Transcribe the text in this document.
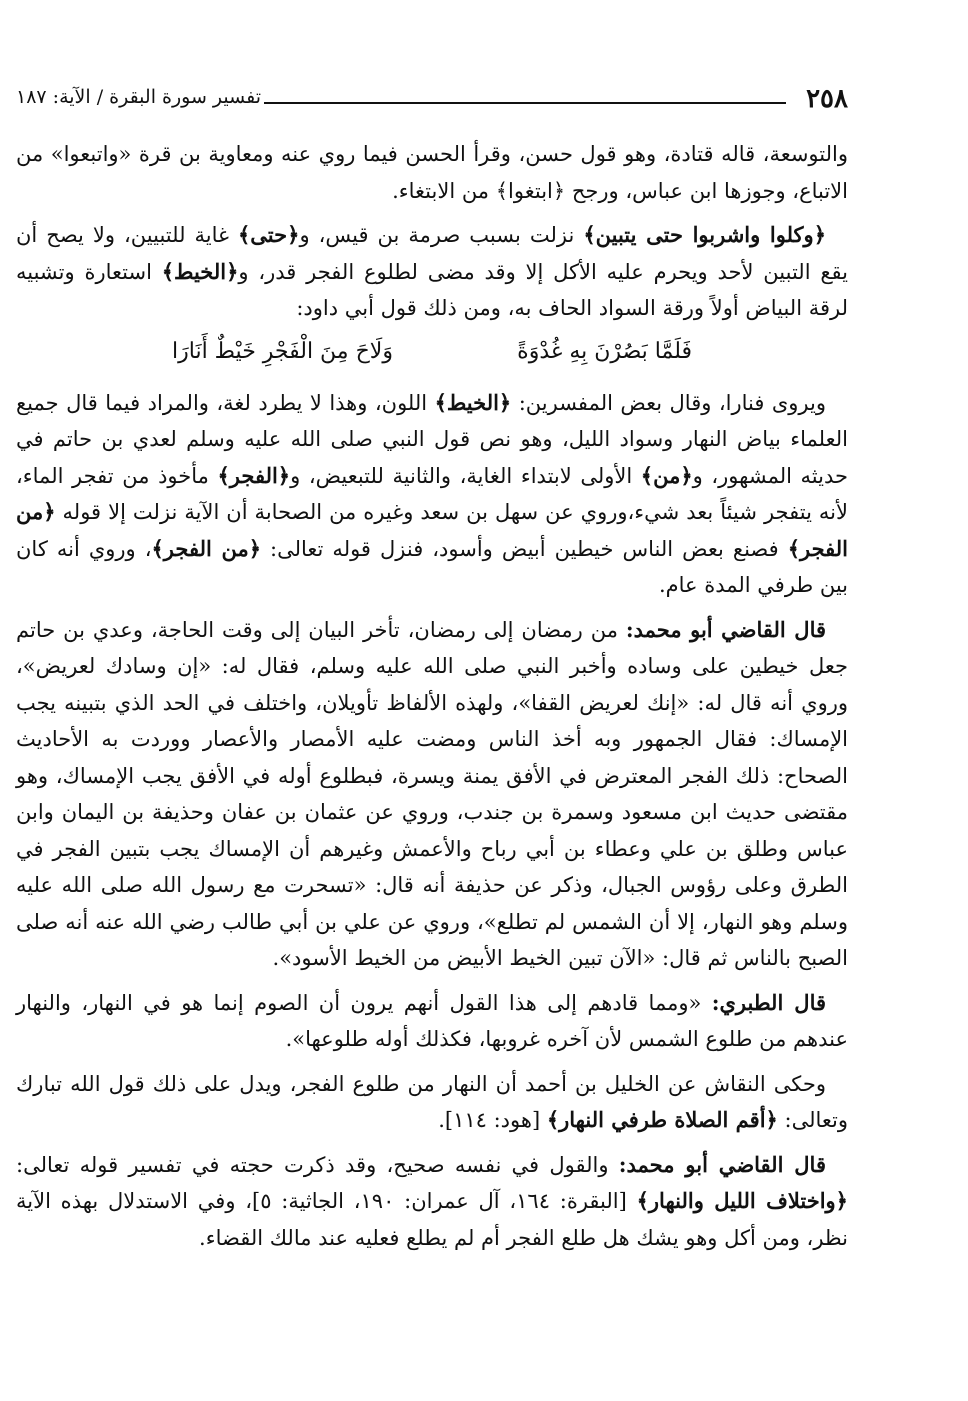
٢٥٨
تفسير سورة البقرة / الآية: ١٨٧

والتوسعة، قاله قتادة، وهو قول حسن، وقرأ الحسن فيما روي عنه ومعاوية بن قرة «واتبعوا» من الاتباع، وجوزها ابن عباس، ورجح ﴿ابتغوا﴾ من الابتغاء.

﴿وكلوا واشربوا حتى يتبين﴾ نزلت بسبب صرمة بن قيس، و﴿حتى﴾ غاية للتبيين، ولا يصح أن يقع التبين لأحد ويحرم عليه الأكل إلا وقد مضى لطلوع الفجر قدر، و﴿الخيط﴾ استعارة وتشبيه لرقة البياض أولاً ورقة السواد الحاف به، ومن ذلك قول أبي داود:

فَلَمَّا بَصُرْنَ بِهِ غُدْوَةً
وَلَاحَ مِنَ الْفَجْرِ خَيْطٌ أَنَارَا

ويروى فنارا، وقال بعض المفسرين: ﴿الخيط﴾ اللون، وهذا لا يطرد لغة، والمراد فيما قال جميع العلماء بياض النهار وسواد الليل، وهو نص قول النبي صلى الله عليه وسلم لعدي بن حاتم في حديثه المشهور، و﴿من﴾ الأولى لابتداء الغاية، والثانية للتبعيض، و﴿الفجر﴾ مأخوذ من تفجر الماء، لأنه يتفجر شيئاً بعد شيء،وروي عن سهل بن سعد وغيره من الصحابة أن الآية نزلت إلا قوله ﴿من الفجر﴾ فصنع بعض الناس خيطين أبيض وأسود، فنزل قوله تعالى: ﴿من الفجر﴾، وروي أنه كان بين طرفي المدة عام.

قال القاضي أبو محمد: من رمضان إلى رمضان، تأخر البيان إلى وقت الحاجة، وعدي بن حاتم جعل خيطين على وساده وأخبر النبي صلى الله عليه وسلم، فقال له: «إن وسادك لعريض»، وروي أنه قال له: «إنك لعريض القفا»، ولهذه الألفاظ تأويلان، واختلف في الحد الذي بتبينه يجب الإمساك: فقال الجمهور وبه أخذ الناس ومضت عليه الأمصار والأعصار ووردت به الأحاديث الصحاح: ذلك الفجر المعترض في الأفق يمنة ويسرة، فبطلوع أوله في الأفق يجب الإمساك، وهو مقتضى حديث ابن مسعود وسمرة بن جندب، وروي عن عثمان بن عفان وحذيفة بن اليمان وابن عباس وطلق بن علي وعطاء بن أبي رباح والأعمش وغيرهم أن الإمساك يجب بتبين الفجر في الطرق وعلى رؤوس الجبال، وذكر عن حذيفة أنه قال: «تسحرت مع رسول الله صلى الله عليه وسلم وهو النهار، إلا أن الشمس لم تطلع»، وروي عن علي بن أبي طالب رضي الله عنه أنه صلى الصبح بالناس ثم قال: «الآن تبين الخيط الأبيض من الخيط الأسود».

قال الطبري: «ومما قادهم إلى هذا القول أنهم يرون أن الصوم إنما هو في النهار، والنهار عندهم من طلوع الشمس لأن آخره غروبها، فكذلك أوله طلوعها».

وحكى النقاش عن الخليل بن أحمد أن النهار من طلوع الفجر، ويدل على ذلك قول الله تبارك وتعالى: ﴿أقم الصلاة طرفي النهار﴾ [هود: ١١٤].

قال القاضي أبو محمد: والقول في نفسه صحيح، وقد ذكرت حجته في تفسير قوله تعالى: ﴿واختلاف الليل والنهار﴾ [البقرة: ١٦٤، آل عمران: ١٩٠، الجاثية: ٥]، وفي الاستدلال بهذه الآية نظر، ومن أكل وهو يشك هل طلع الفجر أم لم يطلع فعليه عند مالك القضاء.
